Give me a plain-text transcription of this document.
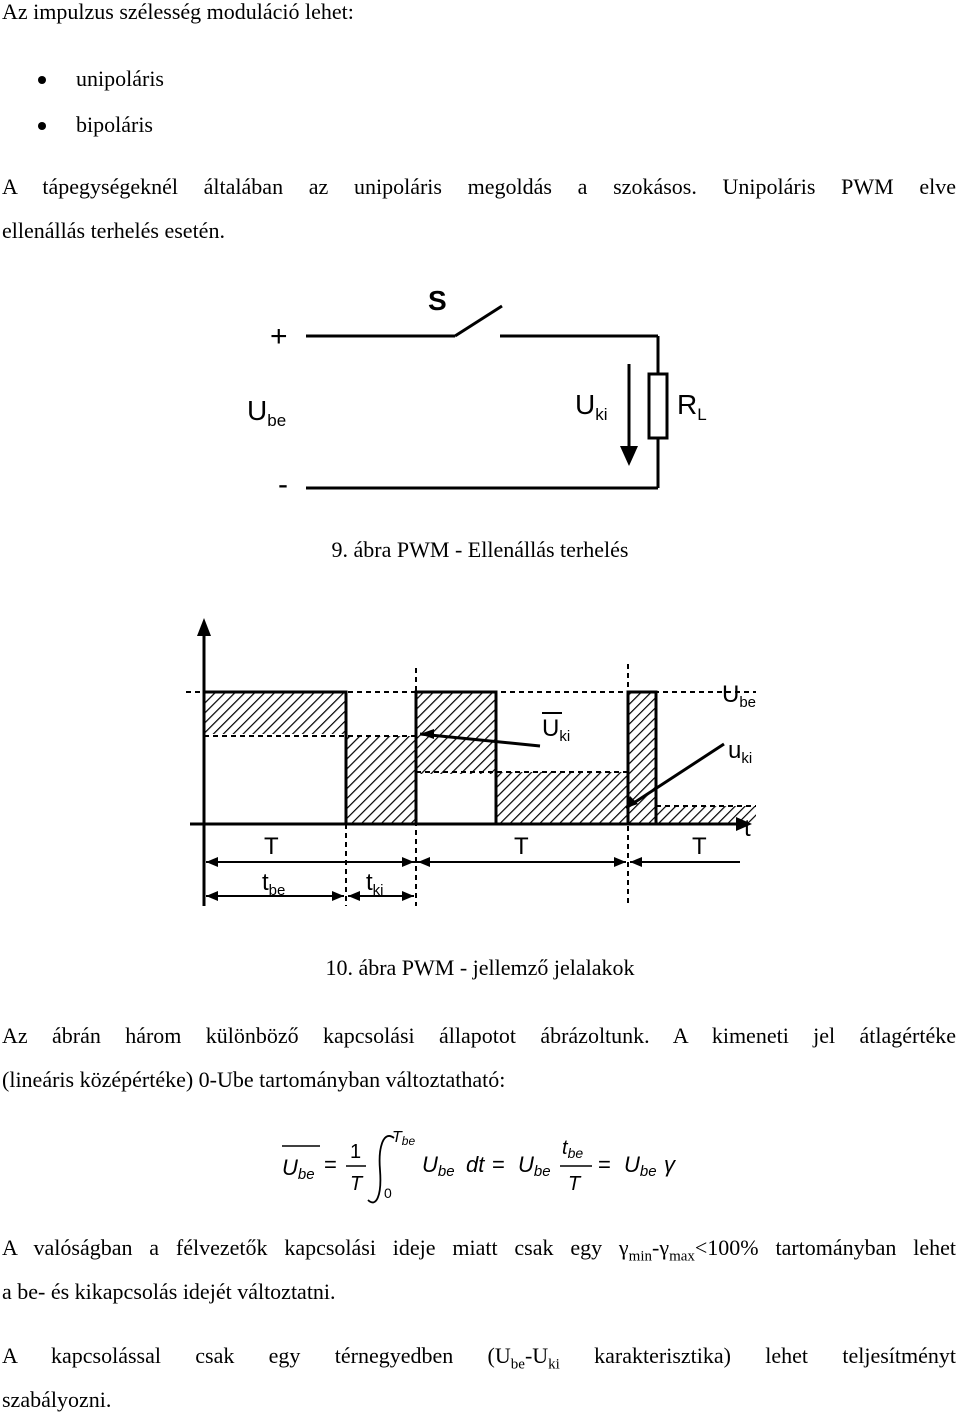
Az impulzus szélesség moduláció lehet:
unipoláris
bipoláris
A tápegységeknél általában az unipoláris megoldás a szokásos. Unipoláris PWM elve
ellenállás terhelés esetén.
S
+
-
$U_{be}$
$U_{ki}$ $R_L$
9. ábra PWM - Ellenállás terhelés
$U_{be}$
$U_{ki}$
$u_{ki}$
t
T	T	T
$t_{be}$	$t_{ki}$
10. ábra PWM - jellemző jelalakok
Az ábrán három különböző kapcsolási állapotot ábrázoltunk. A kimeneti jel átlagértéke
(lineáris középértéke) 0-Ube tartományban változtatható:
Ube = 1
T
Tbe
0
Ube dt = Ube
$t_{be}$
T
= Ube γ
A valóságban a félvezetők kapcsolási ideje miatt csak egy $\gamma_{min}-\gamma_{max}<100\%$ tartományban lehet
a be- és kikapcsolás idejét változtatni.
A kapcsolással csak egy térnegyedben ($U_{be}-U_{ki}$ karakterisztika) lehet teljesítményt
szabályozni.
